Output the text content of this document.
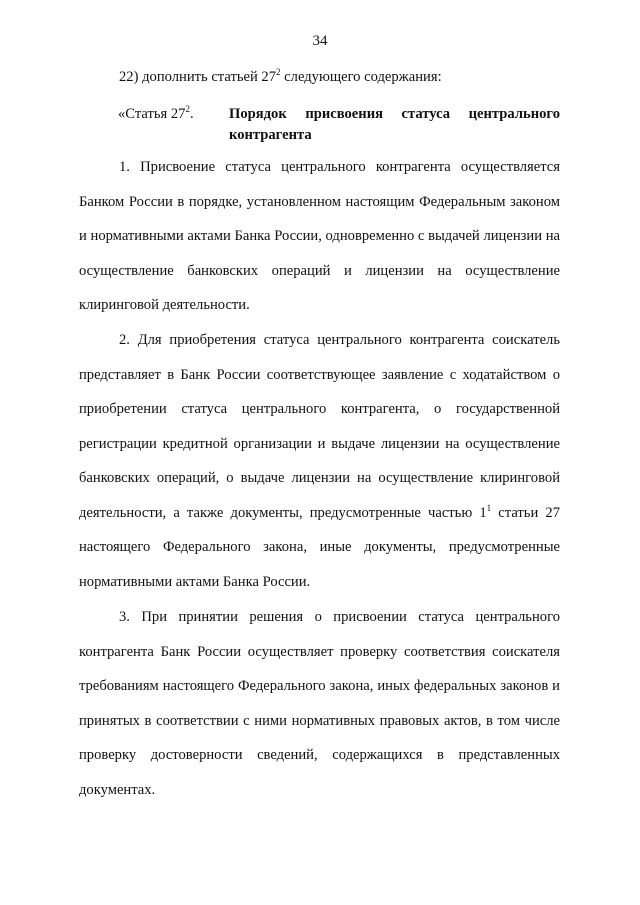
34

22) дополнить статьей $27^2$ следующего содержания:

«Статья $27^2$.	Порядок присвоения статуса центрального
контрагента

1. Присвоение статуса центрального контрагента осуществляется Банком России в порядке, установленном настоящим Федеральным законом и нормативными актами Банка России, одновременно с выдачей лицензии на осуществление банковских операций и лицензии на осуществление клиринговой деятельности.

2. Для приобретения статуса центрального контрагента соискатель представляет в Банк России соответствующее заявление с ходатайством о приобретении статуса центрального контрагента, о государственной регистрации кредитной организации и выдаче лицензии на осуществление банковских операций, о выдаче лицензии на осуществление клиринговой деятельности, а также документы, предусмотренные частью $1^1$ статьи 27 настоящего Федерального закона, иные документы, предусмотренные нормативными актами Банка России.

3. При принятии решения о присвоении статуса центрального контрагента Банк России осуществляет проверку соответствия соискателя требованиям настоящего Федерального закона, иных федеральных законов и принятых в соответствии с ними нормативных правовых актов, в том числе проверку достоверности сведений, содержащихся в представленных документах.
